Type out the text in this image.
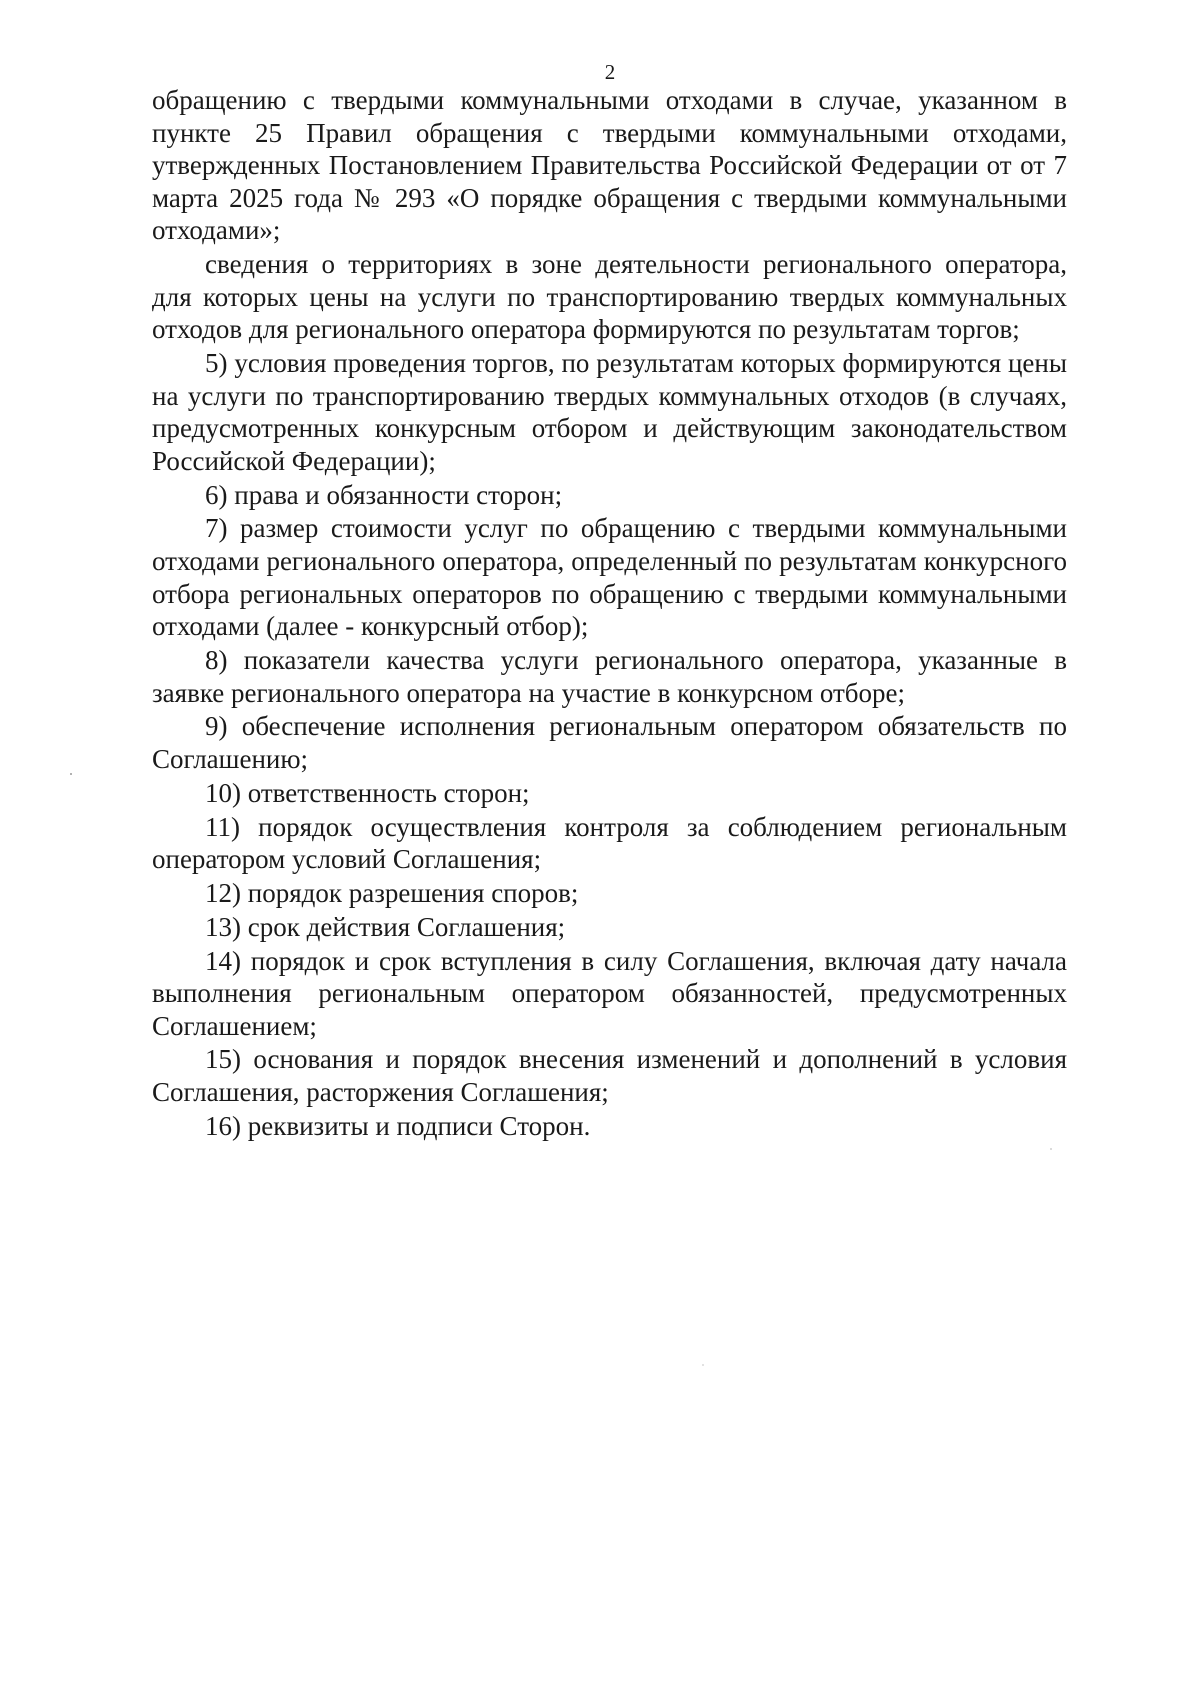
2

обращению с твердыми коммунальными отходами в случае, указанном в пункте 25 Правил обращения с твердыми коммунальными отходами, утвержденных Постановлением Правительства Российской Федерации от от 7 марта 2025 года № 293 «О порядке обращения с твердыми коммунальными отходами»;

сведения о территориях в зоне деятельности регионального оператора, для которых цены на услуги по транспортированию твердых коммунальных отходов для регионального оператора формируются по результатам торгов;

5) условия проведения торгов, по результатам которых формируются цены на услуги по транспортированию твердых коммунальных отходов (в случаях, предусмотренных конкурсным отбором и действующим законодательством Российской Федерации);

6) права и обязанности сторон;

7) размер стоимости услуг по обращению с твердыми коммунальными отходами регионального оператора, определенный по результатам конкурсного отбора региональных операторов по обращению с твердыми коммунальными отходами (далее - конкурсный отбор);

8) показатели качества услуги регионального оператора, указанные в заявке регионального оператора на участие в конкурсном отборе;

9) обеспечение исполнения региональным оператором обязательств по Соглашению;

10) ответственность сторон;

11) порядок осуществления контроля за соблюдением региональным оператором условий Соглашения;

12) порядок разрешения споров;

13) срок действия Соглашения;

14) порядок и срок вступления в силу Соглашения, включая дату начала выполнения региональным оператором обязанностей, предусмотренных Соглашением;

15) основания и порядок внесения изменений и дополнений в условия Соглашения, расторжения Соглашения;

16) реквизиты и подписи Сторон.
